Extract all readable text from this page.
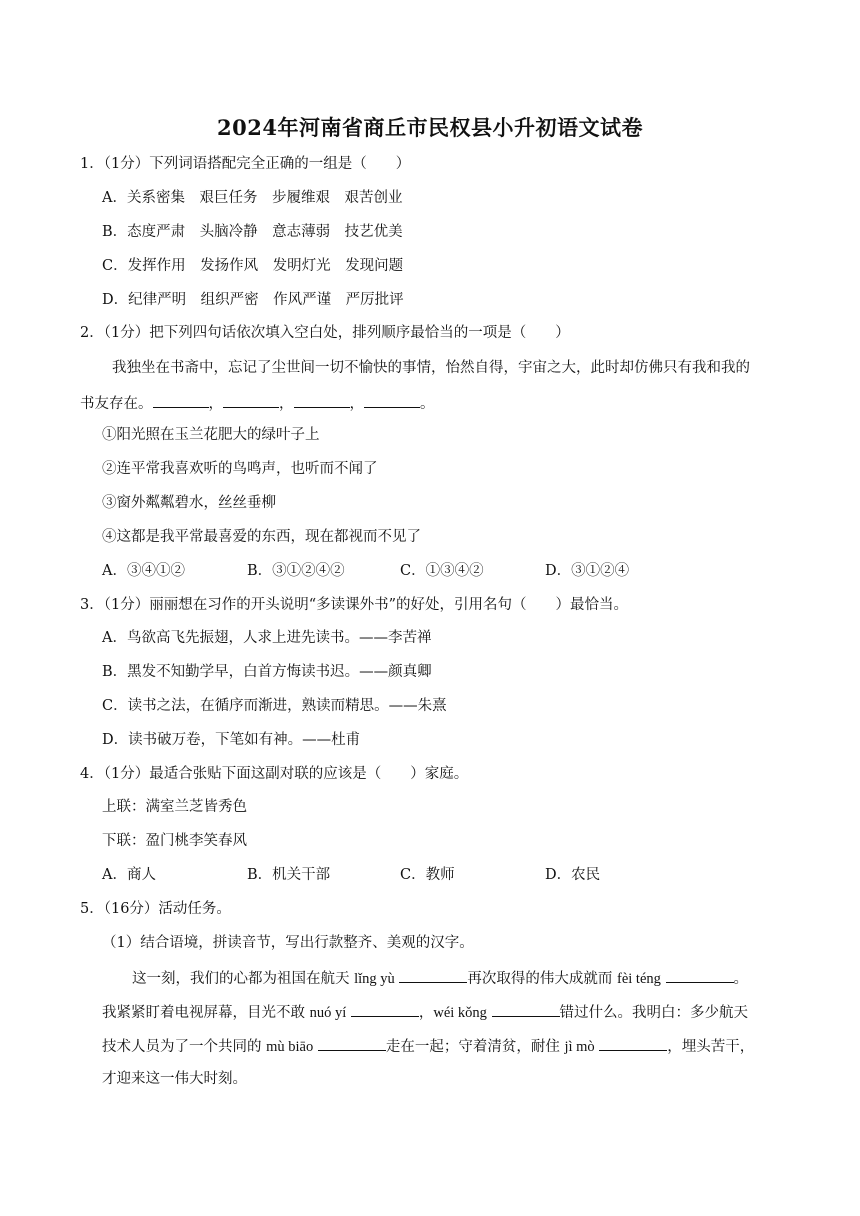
2024年河南省商丘市民权县小升初语文试卷
1．（1分）下列词语搭配完全正确的一组是（　　）
A．关系密集　艰巨任务　步履维艰　艰苦创业
B．态度严肃　头脑冷静　意志薄弱　技艺优美
C．发挥作用　发扬作风　发明灯光　发现问题
D．纪律严明　组织严密　作风严谨　严厉批评
2．（1分）把下列四句话依次填入空白处，排列顺序最恰当的一项是（　　）
我独坐在书斋中，忘记了尘世间一切不愉快的事情，怡然自得，宇宙之大，此时却仿佛只有我和我的
书友存在。	，	，	，	。
①阳光照在玉兰花肥大的绿叶子上
②连平常我喜欢听的鸟鸣声，也听而不闻了
③窗外粼粼碧水，丝丝垂柳
④这都是我平常最喜爱的东西，现在都视而不见了
A．③④①②	B．③①②④②	C．①③④②	D．③①②④
3．（1分）丽丽想在习作的开头说明“多读课外书”的好处，引用名句（　　）最恰当。
A．鸟欲高飞先振翅，人求上进先读书。——李苦禅
B．黑发不知勤学早，白首方悔读书迟。——颜真卿
C．读书之法，在循序而渐进，熟读而精思。——朱熹
D．读书破万卷，下笔如有神。——杜甫
4．（1分）最适合张贴下面这副对联的应该是（　　）家庭。
上联：满室兰芝皆秀色
下联：盈门桃李笑春风
A．商人	B．机关干部	C．教师	D．农民
5．（16分）活动任务。
（1）结合语境，拼读音节，写出行款整齐、美观的汉字。
这一刻，我们的心都为祖国在航天 lǐng yù	再次取得的伟大成就而 fèi téng	。
我紧紧盯着电视屏幕，目光不敢 nuó yí	，wéi kǒng	错过什么。我明白：多少航天
技术人员为了一个共同的 mù biāo	走在一起；守着清贫，耐住 jì mò	，埋头苦干，
才迎来这一伟大时刻。
